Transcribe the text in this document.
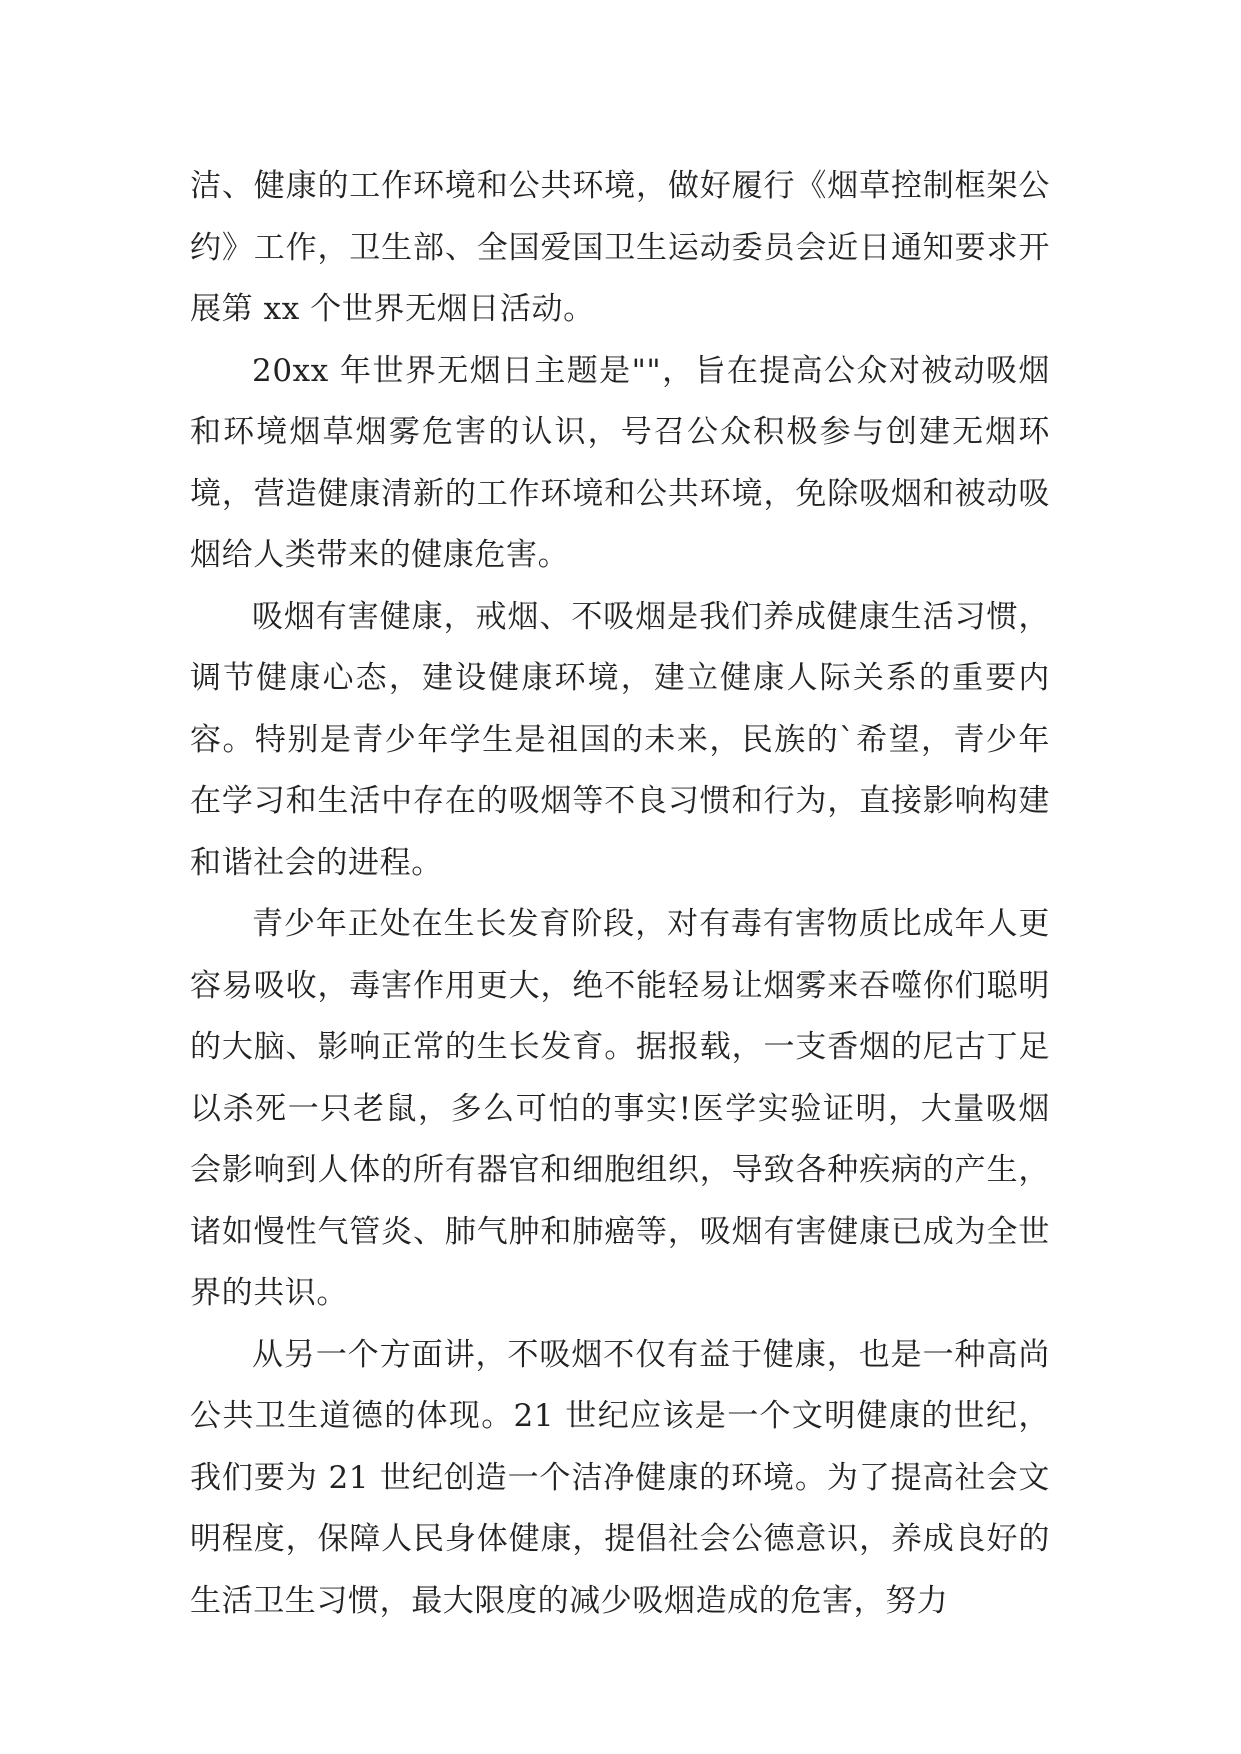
洁、健康的工作环境和公共环境，做好履行《烟草控制框架公约》工作，卫生部、全国爱国卫生运动委员会近日通知要求开展第 xx 个世界无烟日活动。

20xx 年世界无烟日主题是""，旨在提高公众对被动吸烟和环境烟草烟雾危害的认识，号召公众积极参与创建无烟环境，营造健康清新的工作环境和公共环境，免除吸烟和被动吸烟给人类带来的健康危害。

吸烟有害健康，戒烟、不吸烟是我们养成健康生活习惯，调节健康心态，建设健康环境，建立健康人际关系的重要内容。特别是青少年学生是祖国的未来，民族的`希望，青少年在学习和生活中存在的吸烟等不良习惯和行为，直接影响构建和谐社会的进程。

青少年正处在生长发育阶段，对有毒有害物质比成年人更容易吸收，毒害作用更大，绝不能轻易让烟雾来吞噬你们聪明的大脑、影响正常的生长发育。据报载，一支香烟的尼古丁足以杀死一只老鼠，多么可怕的事实!医学实验证明，大量吸烟会影响到人体的所有器官和细胞组织，导致各种疾病的产生，诸如慢性气管炎、肺气肿和肺癌等，吸烟有害健康已成为全世界的共识。

从另一个方面讲，不吸烟不仅有益于健康，也是一种高尚公共卫生道德的体现。21 世纪应该是一个文明健康的世纪，我们要为 21 世纪创造一个洁净健康的环境。为了提高社会文明程度，保障人民身体健康，提倡社会公德意识，养成良好的生活卫生习惯，最大限度的减少吸烟造成的危害，努力
